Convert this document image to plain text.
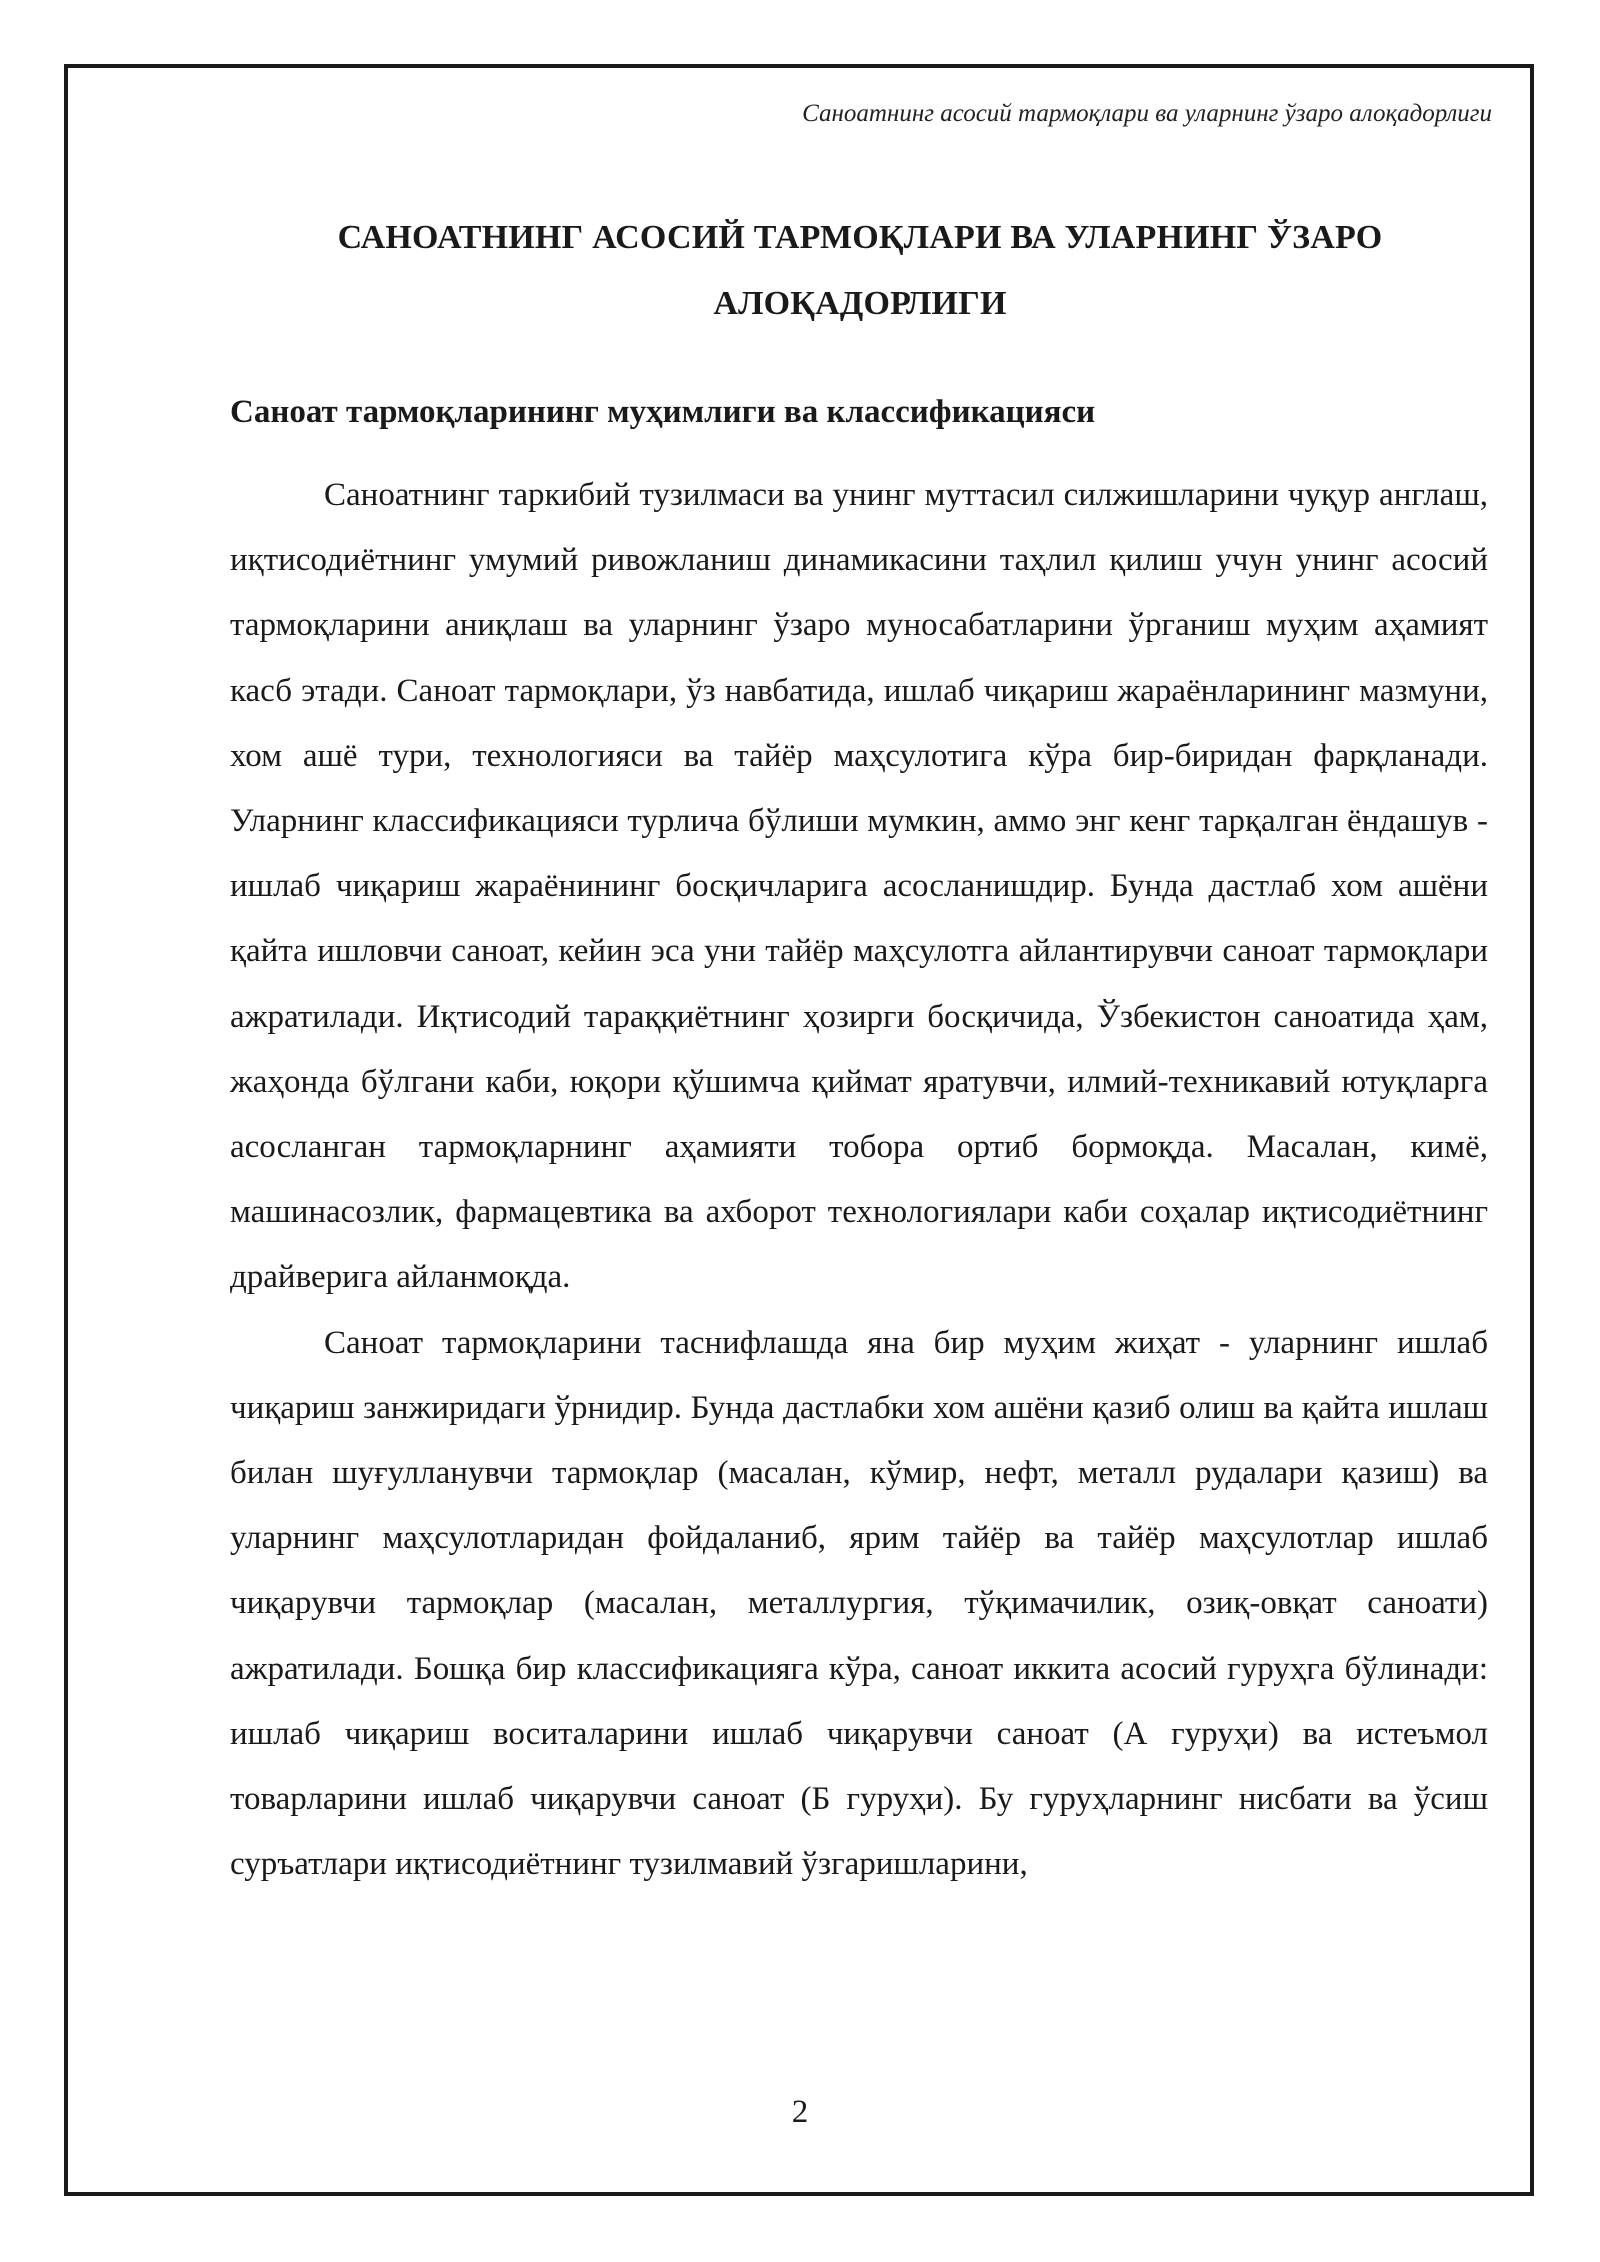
Саноатнинг асосий тармоқлари ва уларнинг ўзаро алоқадорлиги
САНОАТНИНГ АСОСИЙ ТАРМОҚЛАРИ ВА УЛАРНИНГ ЎЗАРО
АЛОҚАДОРЛИГИ
Саноат тармоқларининг муҳимлиги ва классификацияси

Саноатнинг таркибий тузилмаси ва унинг муттасил силжишларини чуқур англаш, иқтисодиётнинг умумий ривожланиш динамикасини таҳлил қилиш учун унинг асосий тармоқларини аниқлаш ва уларнинг ўзаро муносабатларини ўрганиш муҳим аҳамият касб этади. Саноат тармоқлари, ўз навбатида, ишлаб чиқариш жараёнларининг мазмуни, хом ашё тури, технологияси ва тайёр маҳсулотига кўра бир-биридан фарқланади. Уларнинг классификацияси турлича бўлиши мумкин, аммо энг кенг тарқалган ёндашув - ишлаб чиқариш жараёнининг босқичларига асосланишдир. Бунда дастлаб хом ашёни қайта ишловчи саноат, кейин эса уни тайёр маҳсулотга айлантирувчи саноат тармоқлари ажратилади. Иқтисодий тараққиётнинг ҳозирги босқичида, Ўзбекистон саноатида ҳам, жаҳонда бўлгани каби, юқори қўшимча қиймат яратувчи, илмий-техникавий ютуқларга асосланган тармоқларнинг аҳамияти тобора ортиб бормоқда. Масалан, кимё, машинасозлик, фармацевтика ва ахборот технологиялари каби соҳалар иқтисодиётнинг драйверига айланмоқда.

Саноат тармоқларини таснифлашда яна бир муҳим жиҳат - уларнинг ишлаб чиқариш занжиридаги ўрнидир. Бунда дастлабки хом ашёни қазиб олиш ва қайта ишлаш билан шуғулланувчи тармоқлар (масалан, кўмир, нефт, металл рудалари қазиш) ва уларнинг маҳсулотларидан фойдаланиб, ярим тайёр ва тайёр маҳсулотлар ишлаб чиқарувчи тармоқлар (масалан, металлургия, тўқимачилик, озиқ-овқат саноати) ажратилади. Бошқа бир классификацияга кўра, саноат иккита асосий гуруҳга бўлинади: ишлаб чиқариш воситаларини ишлаб чиқарувчи саноат (А гуруҳи) ва истеъмол товарларини ишлаб чиқарувчи саноат (Б гуруҳи). Бу гуруҳларнинг нисбати ва ўсиш суръатлари иқтисодиётнинг тузилмавий ўзгаришларини,

2
